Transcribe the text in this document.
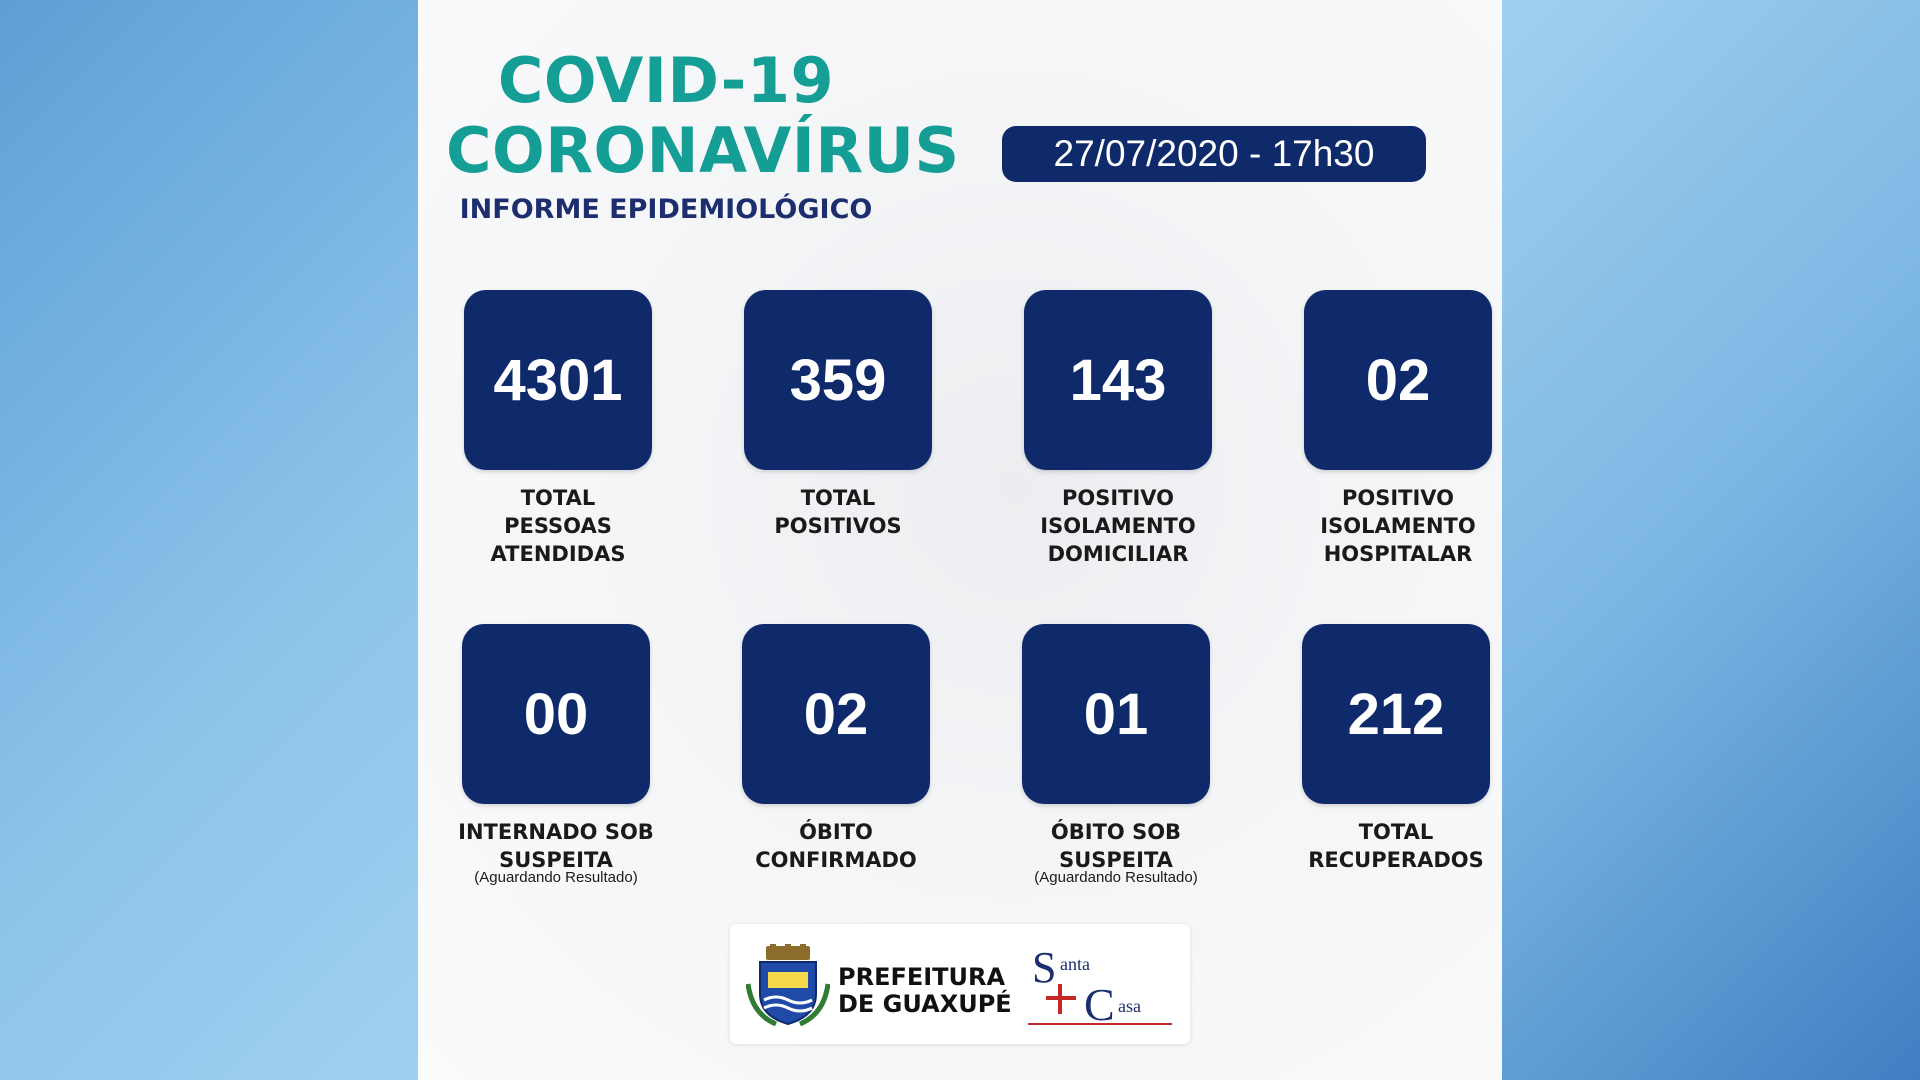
COVID-19
CORONAVÍRUS
INFORME EPIDEMIOLÓGICO
27/07/2020 - 17h30
4301
TOTAL
PESSOAS
ATENDIDAS
359
TOTAL
POSITIVOS
143
POSITIVO
ISOLAMENTO
DOMICILIAR
02
POSITIVO
ISOLAMENTO
HOSPITALAR
00
INTERNADO SOB
SUSPEITA
(Aguardando Resultado)
02
ÓBITO
CONFIRMADO
01
ÓBITO SOB
SUSPEITA
(Aguardando Resultado)
212
TOTAL
RECUPERADOS
PREFEITURA
DE GUAXUPÉ
S anta
C asa
